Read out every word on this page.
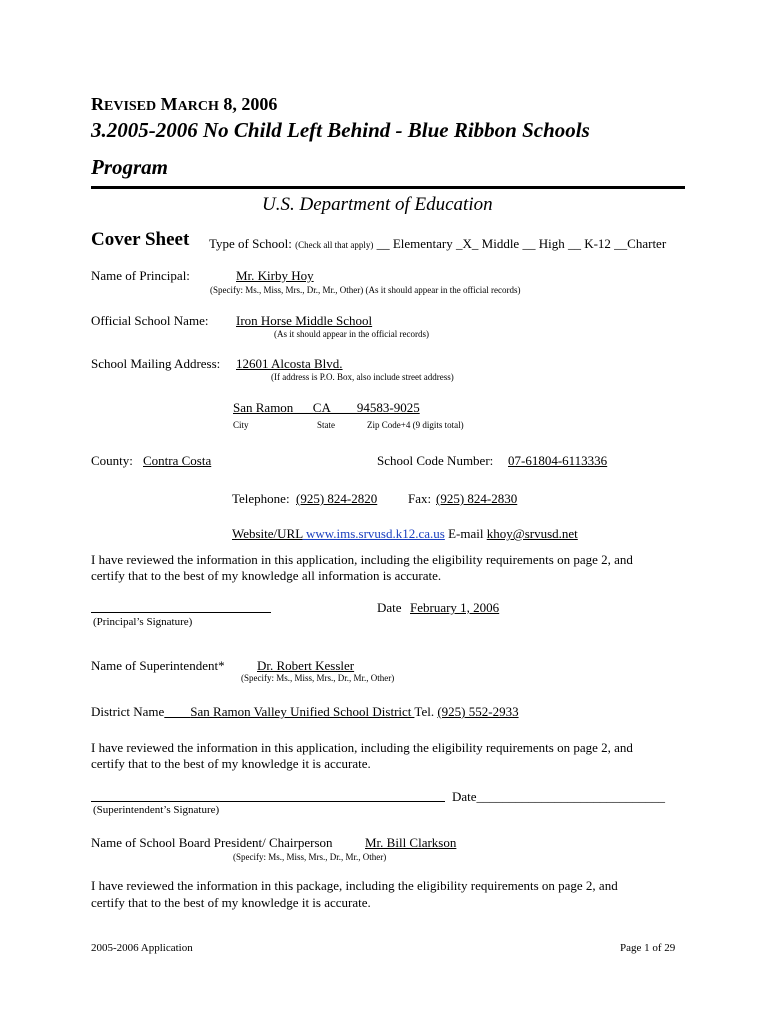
REVISED MARCH 8, 2006
3.2005-2006 No Child Left Behind - Blue Ribbon Schools
Program
U.S. Department of Education
Cover Sheet Type of School: (Check all that apply) __ Elementary _X_ Middle __ High __ K-12 __Charter
Name of Principal:	Mr. Kirby Hoy
(Specify: Ms., Miss, Mrs., Dr., Mr., Other) (As it should appear in the official records)
Official School Name: Iron Horse Middle School
(As it should appear in the official records)
School Mailing Address: 12601 Alcosta Blvd.
(If address is P.O. Box, also include street address)
San Ramon___CA____94583-9025
City	State	Zip Code+4 (9 digits total)
County: Contra Costa	School Code Number: 07-61804-6113336
Telephone: (925) 824-2820 Fax: (925) 824-2830
Website/URL www.ims.srvusd.k12.ca.us E-mail khoy@srvusd.net
I have reviewed the information in this application, including the eligibility requirements on page 2, and
certify that to the best of my knowledge all information is accurate.
(Principal’s Signature)
Date February 1, 2006
Name of Superintendent* Dr. Robert Kessler
(Specify: Ms., Miss, Mrs., Dr., Mr., Other)
District Name San Ramon Valley Unified School District Tel. (925) 552-2933
I have reviewed the information in this application, including the eligibility requirements on page 2, and
certify that to the best of my knowledge it is accurate.
Date_____________________________
(Superintendent’s Signature)
Name of School Board President/ Chairperson Mr. Bill Clarkson
(Specify: Ms., Miss, Mrs., Dr., Mr., Other)
I have reviewed the information in this package, including the eligibility requirements on page 2, and
certify that to the best of my knowledge it is accurate.
2005-2006 Application	Page 1 of 29
